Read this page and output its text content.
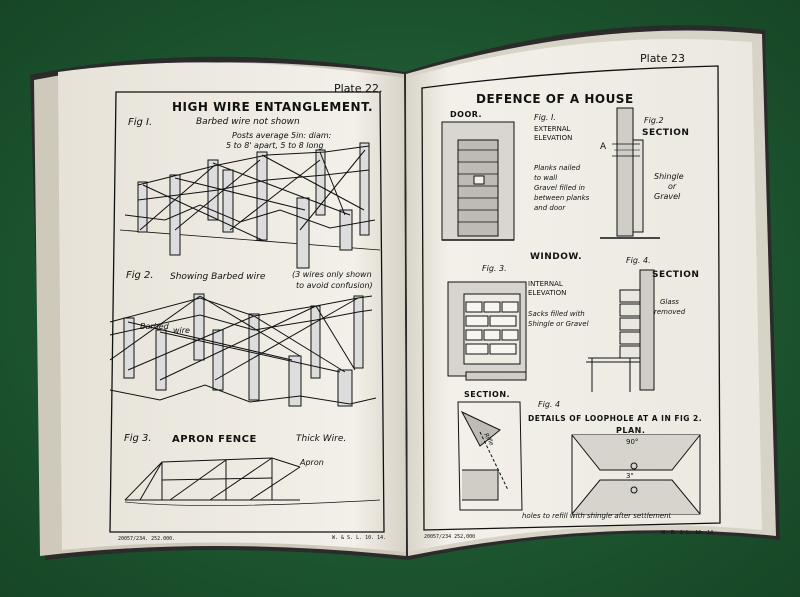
Plate 22.
HIGH WIRE ENTANGLEMENT.
Fig I.	Barbed wire not shown
Posts average 5in: diam:
5 to 8' apart, 5 to 8 long
Fig 2. Showing Barbed wire	(3 wires only shown
to avoid confusion)
Barbed wire
Fig 3. APRON FENCE	Thick Wire.
Apron
20057/234. 252.000.	W. & S. L. 10. 14.
Plate 23
DEFENCE OF A HOUSE
DOOR.	Fig. I.
EXTERNAL
ELEVATION
Planks nailed
to wall
Gravel filled in
between planks
and door
Fig.2
SECTION
A
Shingle
or
Gravel
WINDOW.
Fig. 3.
INTERNAL
ELEVATION
Sacks filled with
Shingle or Gravel
Fig. 4.
SECTION
Glass
removed
SECTION.
Fig. 4
DETAILS OF LOOPHOLE AT A IN FIG 2.
PLAN.
90°
3"
Rifle
holes to refill with shingle after settlement
20057/234 252,000
W. B. & L. 10. 14.
